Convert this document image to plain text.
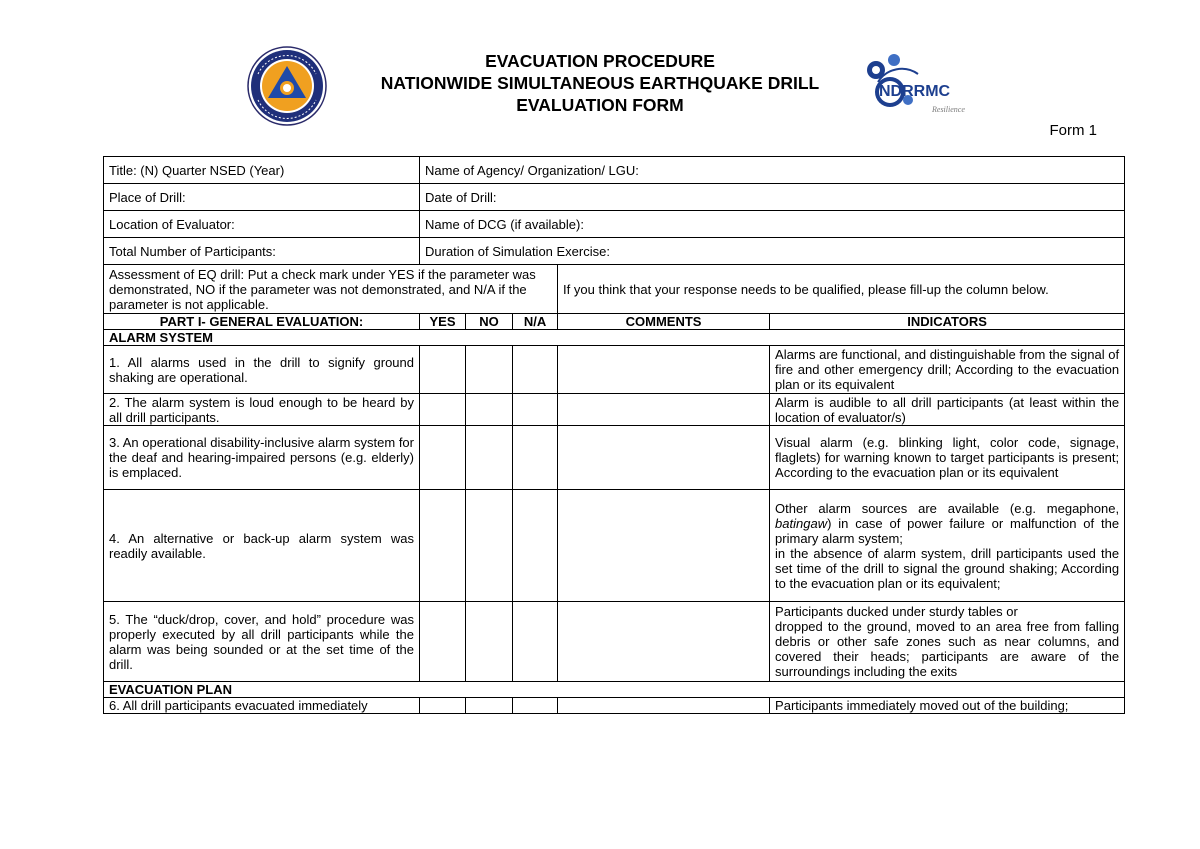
NDRRMC
Resilience
EVACUATION PROCEDURE
NATIONWIDE SIMULTANEOUS EARTHQUAKE DRILL
EVALUATION FORM
Form 1
Title: (N) Quarter NSED (Year)	Name of Agency/ Organization/ LGU:
Place of Drill:	Date of Drill:
Location of Evaluator:	Name of DCG (if available):
Total Number of Participants:	Duration of Simulation Exercise:
Assessment of EQ drill: Put a check mark under YES if the parameter was demonstrated, NO if the parameter was not demonstrated, and N/A if the parameter is not applicable.				If you think that your response needs to be qualified, please fill-up the column below.	
PART I- GENERAL EVALUATION:	YES	NO	N/A	COMMENTS	INDICATORS
ALARM SYSTEM					
1. All alarms used in the drill to signify ground shaking are operational.					Alarms are functional, and distinguishable from the signal of fire and other emergency drill; According to the evacuation plan or its equivalent
2. The alarm system is loud enough to be heard by all drill participants.					Alarm is audible to all drill participants (at least within the location of evaluator/s)
3. An operational disability-inclusive alarm system for the deaf and hearing-impaired persons (e.g. elderly) is emplaced.					Visual alarm (e.g. blinking light, color code, signage, flaglets) for warning known to target participants is present; According to the evacuation plan or its equivalent
4. An alternative or back-up alarm system was readily available.					Other alarm sources are available (e.g. megaphone, batingaw) in case of power failure or malfunction of the primary alarm system;
in the absence of alarm system, drill participants used the set time of the drill to signal the ground shaking; According to the evacuation plan or its equivalent;
5. The “duck/drop, cover, and hold” procedure was properly executed by all drill participants while the alarm was being sounded or at the set time of the drill.					Participants ducked under sturdy tables or
dropped to the ground, moved to an area free from falling debris or other safe zones such as near columns, and covered their heads; participants are aware of the surroundings including the exits
EVACUATION PLAN					
6. All drill participants evacuated immediately					Participants immediately moved out of the building;
